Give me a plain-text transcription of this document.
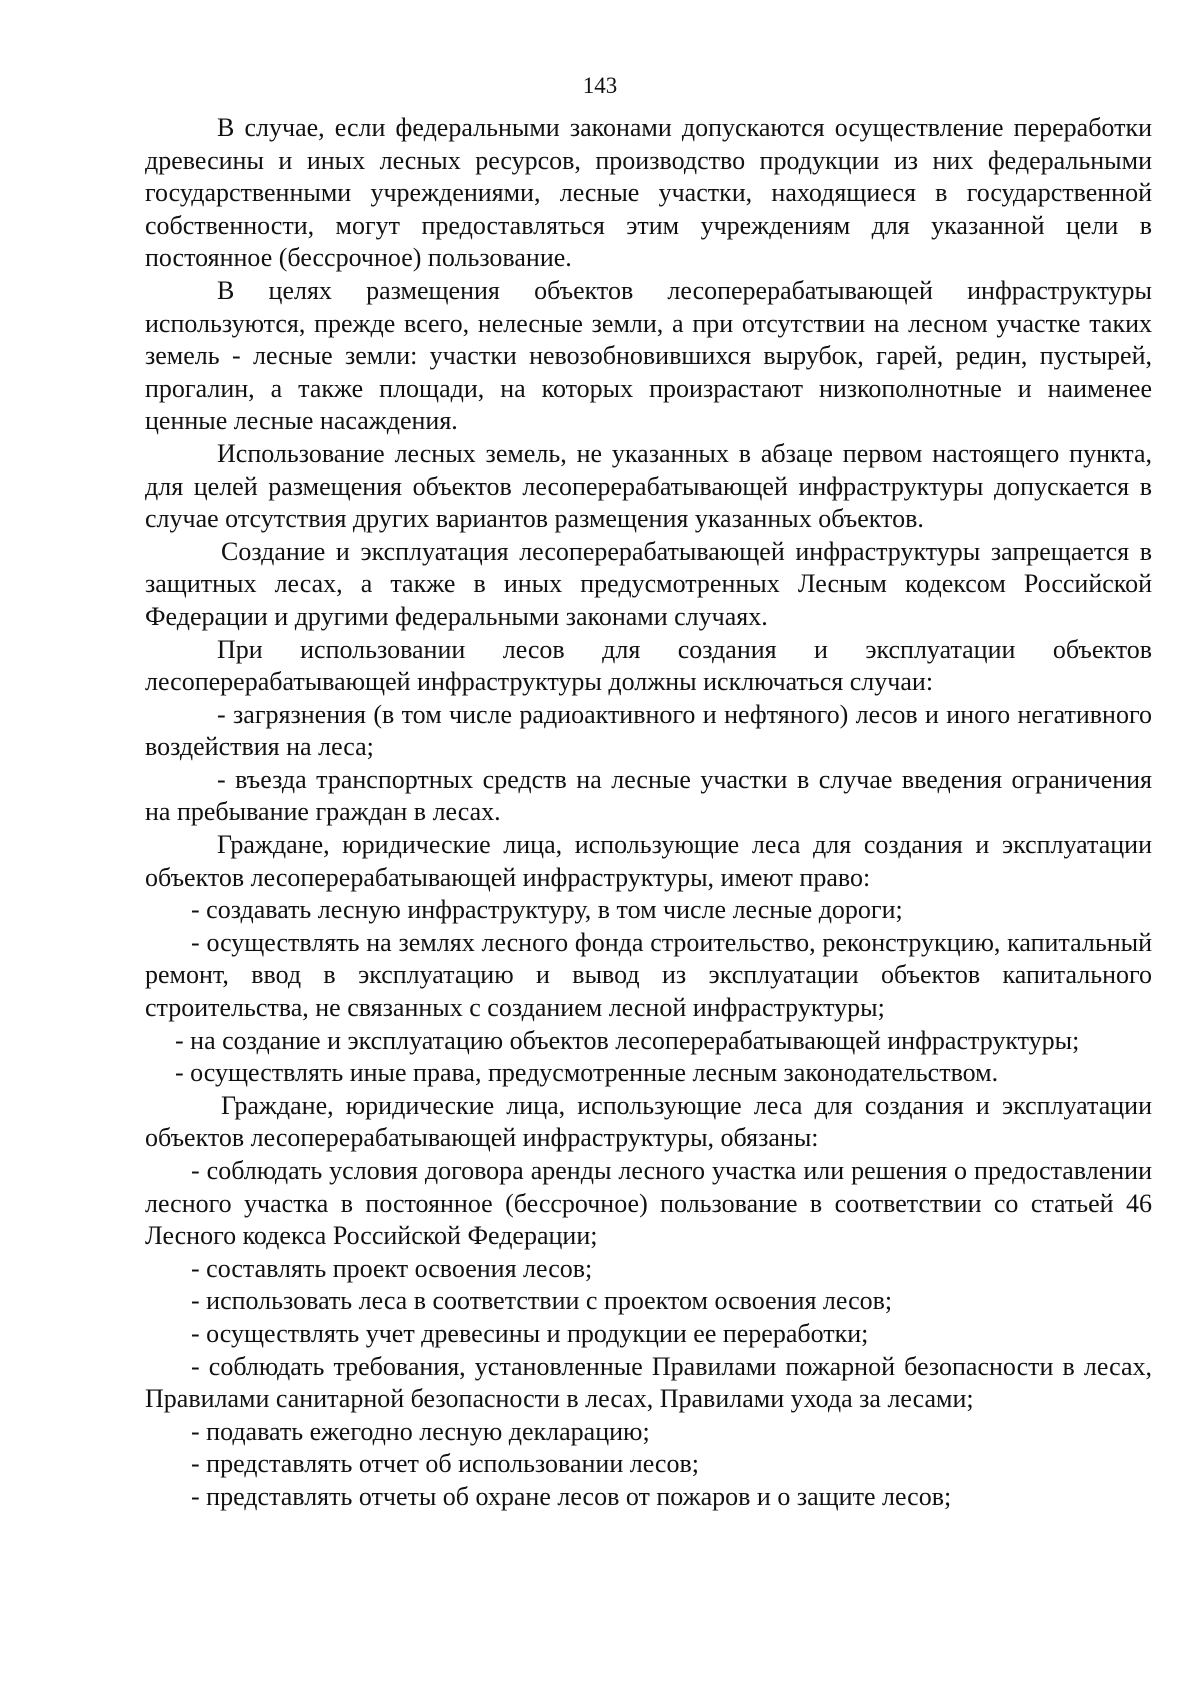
143

В случае, если федеральными законами допускаются осуществление переработки древесины и иных лесных ресурсов, производство продукции из них федеральными государственными учреждениями, лесные участки, находящиеся в государственной собственности, могут предоставляться этим учреждениям для указанной цели в постоянное (бессрочное) пользование.

В целях размещения объектов лесоперерабатывающей инфраструктуры используются, прежде всего, нелесные земли, а при отсутствии на лесном участке таких земель - лесные земли: участки невозобновившихся вырубок, гарей, редин, пустырей, прогалин, а также площади, на которых произрастают низкополнотные и наименее ценные лесные насаждения.

Использование лесных земель, не указанных в абзаце первом настоящего пункта, для целей размещения объектов лесоперерабатывающей инфраструктуры допускается в случае отсутствия других вариантов размещения указанных объектов.

Создание и эксплуатация лесоперерабатывающей инфраструктуры запрещается в защитных лесах, а также в иных предусмотренных Лесным кодексом Российской Федерации и другими федеральными законами случаях.

При использовании лесов для создания и эксплуатации объектов лесоперерабатывающей инфраструктуры должны исключаться случаи:

- загрязнения (в том числе радиоактивного и нефтяного) лесов и иного негативного воздействия на леса;

- въезда транспортных средств на лесные участки в случае введения ограничения на пребывание граждан в лесах.

Граждане, юридические лица, использующие леса для создания и эксплуатации объектов лесоперерабатывающей инфраструктуры, имеют право:

- создавать лесную инфраструктуру, в том числе лесные дороги;

- осуществлять на землях лесного фонда строительство, реконструкцию, капитальный ремонт, ввод в эксплуатацию и вывод из эксплуатации объектов капитального строительства, не связанных с созданием лесной инфраструктуры;

- на создание и эксплуатацию объектов лесоперерабатывающей инфраструктуры;

- осуществлять иные права, предусмотренные лесным законодательством.

Граждане, юридические лица, использующие леса для создания и эксплуатации объектов лесоперерабатывающей инфраструктуры, обязаны:

- соблюдать условия договора аренды лесного участка или решения о предоставлении лесного участка в постоянное (бессрочное) пользование в соответствии со статьей 46 Лесного кодекса Российской Федерации;

- составлять проект освоения лесов;

- использовать леса в соответствии с проектом освоения лесов;

- осуществлять учет древесины и продукции ее переработки;

- соблюдать требования, установленные Правилами пожарной безопасности в лесах, Правилами санитарной безопасности в лесах, Правилами ухода за лесами;

- подавать ежегодно лесную декларацию;

- представлять отчет об использовании лесов;

- представлять отчеты об охране лесов от пожаров и о защите лесов;
